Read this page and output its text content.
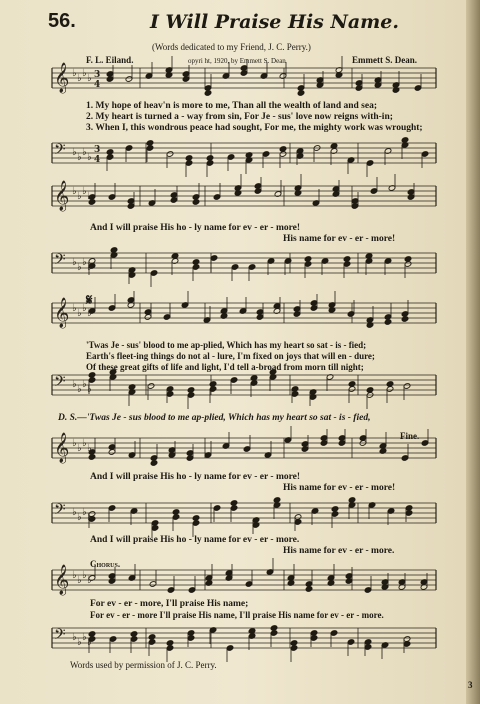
𝄞 ♭ ♭ ♭ ♭ 3
4
𝄢 ♭ ♭ ♭ ♭
3
4
𝄞 ♭ ♭ ♭ ♭
𝄢 ♭ ♭ ♭ ♭
𝄞 ♭ ♭ ♭ ♭
𝄢 ♭ ♭ ♭ ♭
𝄞 ♭ ♭ ♭ ♭
𝄢 ♭ ♭ ♭ ♭
𝄞 ♭ ♭ ♭ ♭
𝄢 ♭ ♭ ♭ ♭
56.	I Will Praise His Name.
(Words dedicated to my Friend, J. C. Perry.)
F. L. Eiland.	opyri ht, 1920, by Emmett S. Dean	Emmett S. Dean.
1. My hope of heav'n is more to me, Than all the wealth of land and sea;
2. My heart is turned a - way from sin, For Je - sus' love now reigns with-in;
3. When I, this wondrous peace had sought, For me, the mighty work was wrought;
And I will praise His ho - ly name for ev - er - more!
His name for ev - er - more!
𝄋
'Twas Je - sus' blood to me ap-plied, Which has my heart so sat - is - fied;
Earth's fleet-ing things do not al - lure, I'm fixed on joys that will en - dure;
Of these great gifts of life and light, I'd tell a-broad from morn till night;
D. S.—'Twas Je - sus blood to me ap-plied, Which has my heart so sat - is - fied,
Fine.
And I will praise His ho - ly name for ev - er - more!
His name for ev - er - more!
And I will praise His ho - ly name for ev - er - more.
His name for ev - er - more.
Chorus.
For ev - er - more, I'll praise His name;
For ev - er - more I'll praise His name, I'll praise His name for ev - er - more.
Words used by permission of J. C. Perry.
3
